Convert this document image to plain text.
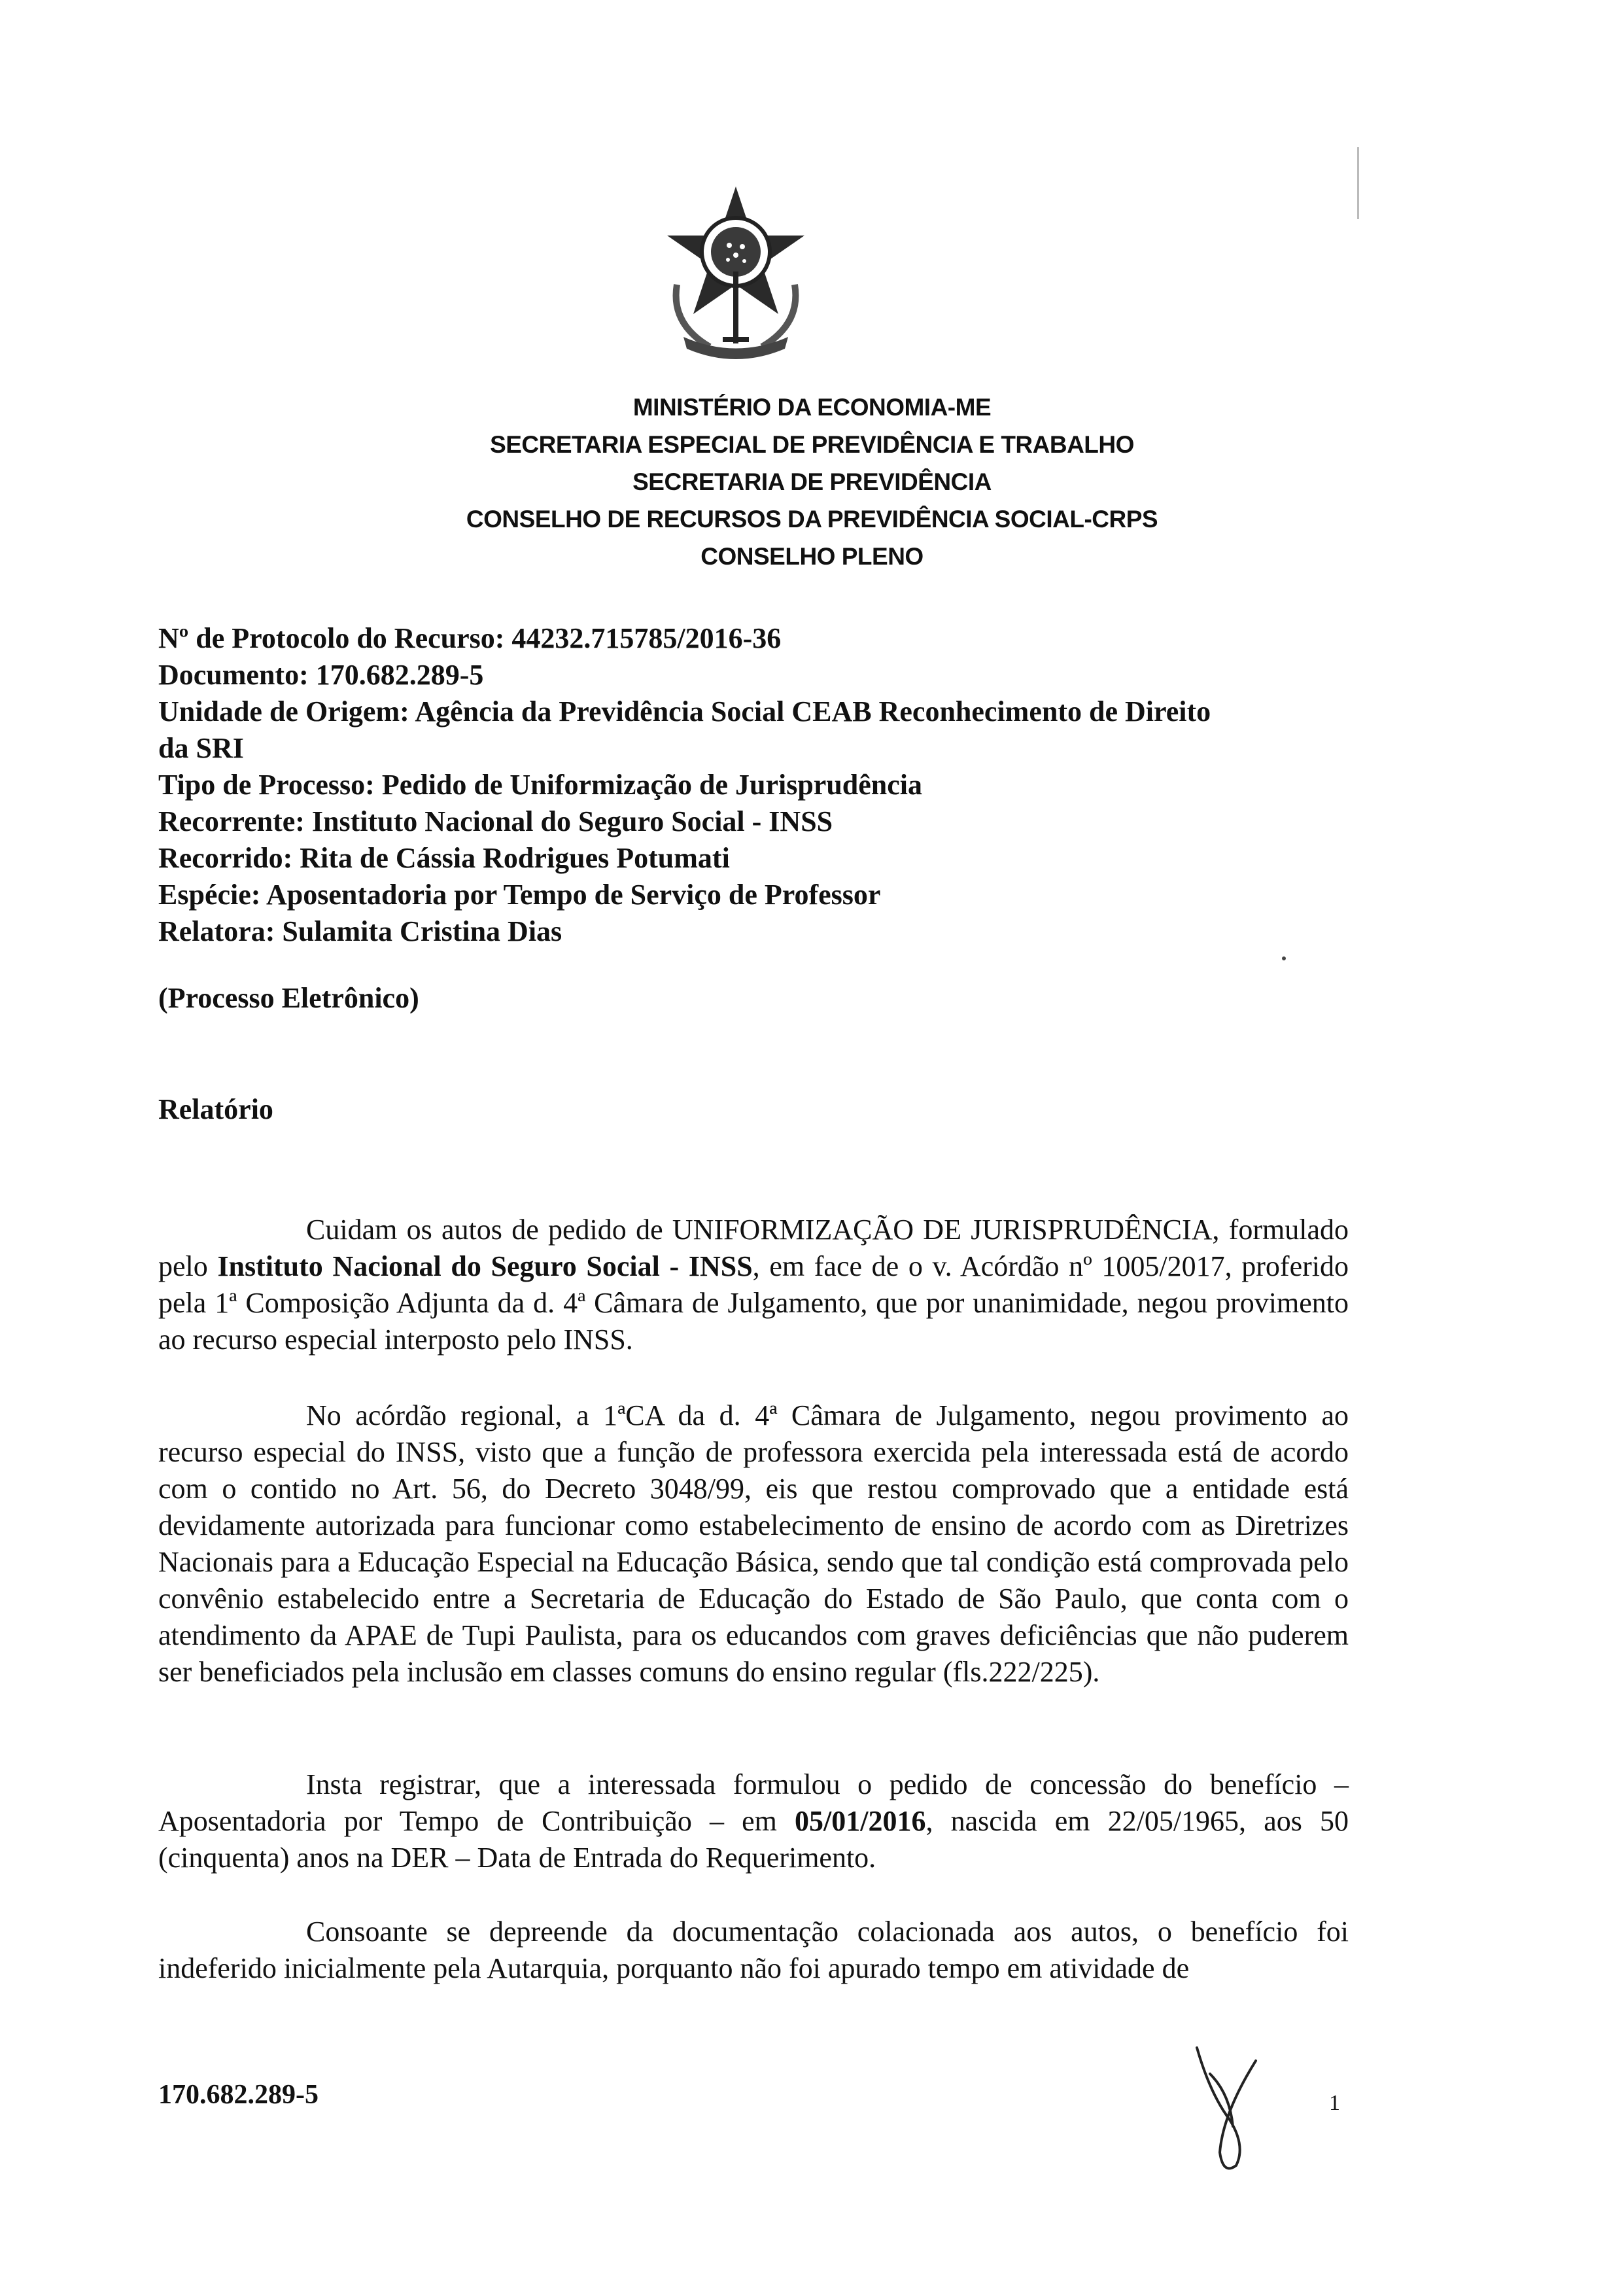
MINISTÉRIO DA ECONOMIA-ME
SECRETARIA ESPECIAL DE PREVIDÊNCIA E TRABALHO
SECRETARIA DE PREVIDÊNCIA
CONSELHO DE RECURSOS DA PREVIDÊNCIA SOCIAL-CRPS
CONSELHO PLENO
Nº de Protocolo do Recurso: 44232.715785/2016-36
Documento: 170.682.289-5
Unidade de Origem: Agência da Previdência Social CEAB Reconhecimento de Direito
da SRI
Tipo de Processo: Pedido de Uniformização de Jurisprudência
Recorrente: Instituto Nacional do Seguro Social - INSS
Recorrido: Rita de Cássia Rodrigues Potumati
Espécie: Aposentadoria por Tempo de Serviço de Professor
Relatora: Sulamita Cristina Dias
(Processo Eletrônico)
Relatório

Cuidam os autos de pedido de UNIFORMIZAÇÃO DE JURISPRUDÊNCIA, formulado pelo Instituto Nacional do Seguro Social - INSS, em face de o v. Acórdão nº 1005/2017, proferido pela 1ª Composição Adjunta da d. 4ª Câmara de Julgamento, que por unanimidade, negou provimento ao recurso especial interposto pelo INSS.

No acórdão regional, a 1ªCA da d. 4ª Câmara de Julgamento, negou provimento ao recurso especial do INSS, visto que a função de professora exercida pela interessada está de acordo com o contido no Art. 56, do Decreto 3048/99, eis que restou comprovado que a entidade está devidamente autorizada para funcionar como estabelecimento de ensino de acordo com as Diretrizes Nacionais para a Educação Especial na Educação Básica, sendo que tal condição está comprovada pelo convênio estabelecido entre a Secretaria de Educação do Estado de São Paulo, que conta com o atendimento da APAE de Tupi Paulista, para os educandos com graves deficiências que não puderem ser beneficiados pela inclusão em classes comuns do ensino regular (fls.222/225).

Insta registrar, que a interessada formulou o pedido de concessão do benefício – Aposentadoria por Tempo de Contribuição – em 05/01/2016, nascida em 22/05/1965, aos 50 (cinquenta) anos na DER – Data de Entrada do Requerimento.

Consoante se depreende da documentação colacionada aos autos, o benefício foi indeferido inicialmente pela Autarquia, porquanto não foi apurado tempo em atividade de

170.682.289-5	1
